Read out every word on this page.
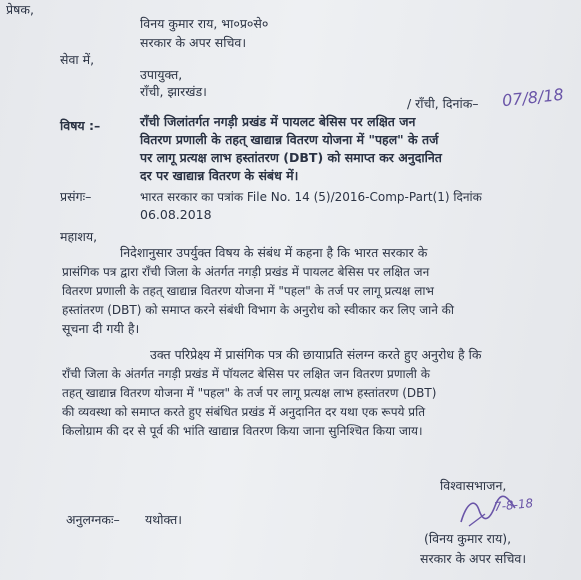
प्रेषक,
विनय कुमार राय, भा०प्र०से०
सरकार के अपर सचिव।
सेवा में,
उपायुक्त,
राँची, झारखंड।
/ राँची, दिनांक– 07/8/18
विषय :–	राँची जिलांतर्गत नगड़ी प्रखंड में पायलट बेसिस पर लक्षित जन
वितरण प्रणाली के तहत् खाद्यान्न वितरण योजना में "पहल" के तर्ज
पर लागू प्रत्यक्ष लाभ हस्तांतरण (DBT) को समाप्त कर अनुदानित
दर पर खाद्यान्न वितरण के संबंध में।
प्रसंगः–	भारत सरकार का पत्रांक File No. 14 (5)/2016-Comp-Part(1) दिनांक
06.08.2018
महाशय,
निदेशानुसार उपर्युक्त विषय के संबंध में कहना है कि भारत सरकार के
प्रासंगिक पत्र द्वारा राँची जिला के अंतर्गत नगड़ी प्रखंड में पायलट बेसिस पर लक्षित जन
वितरण प्रणाली के तहत् खाद्यान्न वितरण योजना में "पहल" के तर्ज पर लागू प्रत्यक्ष लाभ
हस्तांतरण (DBT) को समाप्त करने संबंधी विभाग के अनुरोध को स्वीकार कर लिए जाने की
सूचना दी गयी है।
उक्त परिप्रेक्ष्य में प्रासंगिक पत्र की छायाप्रति संलग्न करते हुए अनुरोध है कि
राँची जिला के अंतर्गत नगड़ी प्रखंड में पॉयलट बेसिस पर लक्षित जन वितरण प्रणाली के
तहत् खाद्यान्न वितरण योजना में "पहल" के तर्ज पर लागू प्रत्यक्ष लाभ हस्तांतरण (DBT)
की व्यवस्था को समाप्त करते हुए संबंधित प्रखंड में अनुदानित दर यथा एक रूपये प्रति
किलोग्राम की दर से पूर्व की भांति खाद्यान्न वितरण किया जाना सुनिश्चित किया जाय।
विश्वासभाजन,
अनुलग्नकः– यथोक्त।
7-8-18
(विनय कुमार राय),
सरकार के अपर सचिव।
